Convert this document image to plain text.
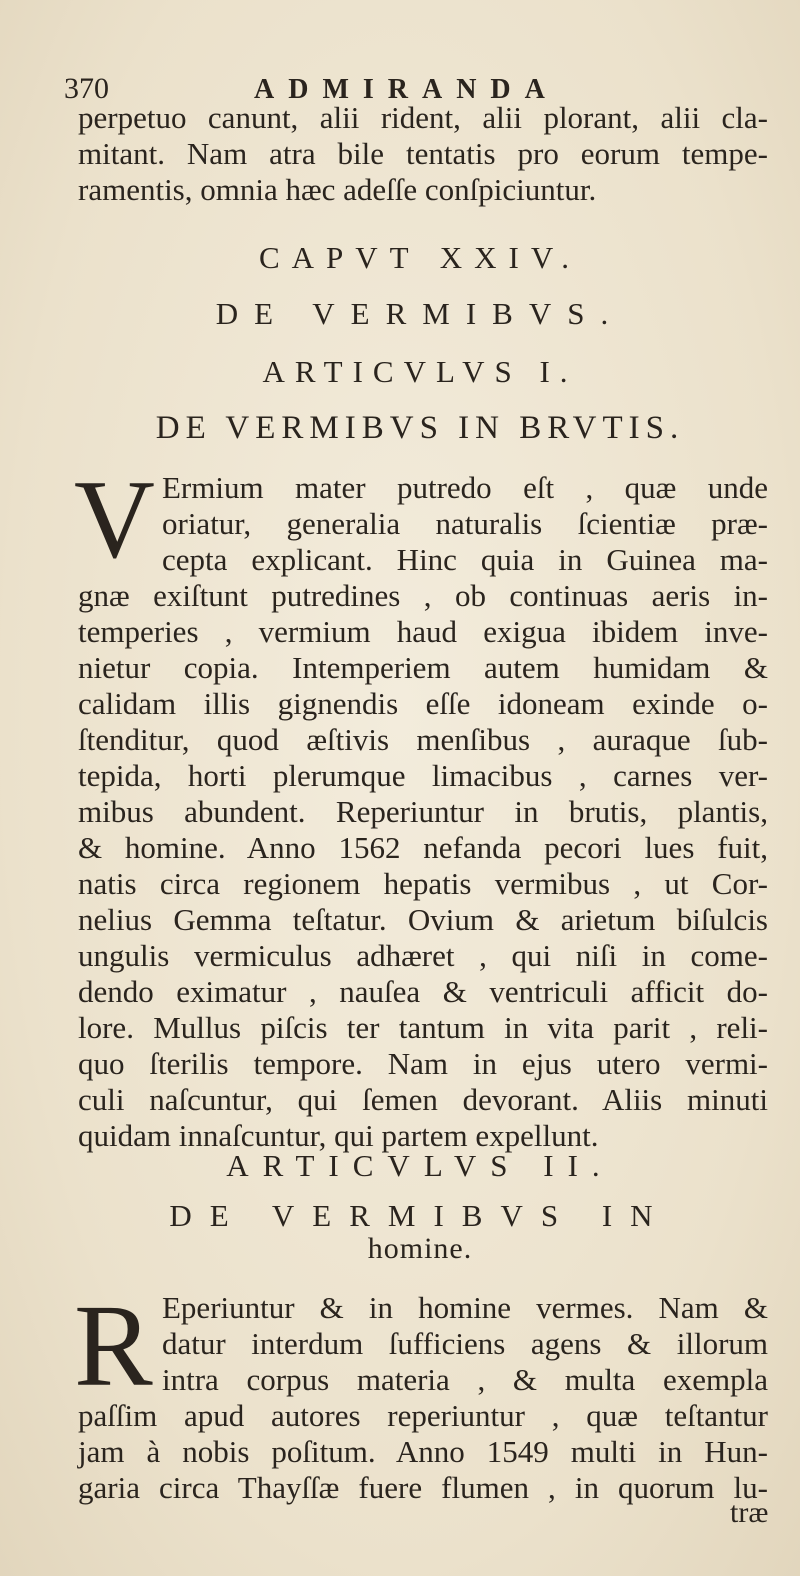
370	ADMIRANDA
perpetuo canunt, alii rident, alii plorant, alii cla-
mitant. Nam atra bile tentatis pro eorum tempe-
ramentis, omnia hæc adeſſe conſpiciuntur.
CAPVT XXIV.
DE VERMIBVS.
ARTICVLVS I.
DE VERMIBVS IN BRVTIS.
V Ermium mater putredo eſt , quæ unde
oriatur, generalia naturalis ſcientiæ præ-
cepta explicant. Hinc quia in Guinea ma-
gnæ exiſtunt putredines , ob continuas aeris in-
temperies , vermium haud exigua ibidem inve-
nietur copia. Intemperiem autem humidam &
calidam illis gignendis eſſe idoneam exinde o-
ſtenditur, quod æſtivis menſibus , auraque ſub-
tepida, horti plerumque limacibus , carnes ver-
mibus abundent. Reperiuntur in brutis, plantis,
& homine. Anno 1562 nefanda pecori lues fuit,
natis circa regionem hepatis vermibus , ut Cor-
nelius Gemma teſtatur. Ovium & arietum biſulcis
ungulis vermiculus adhæret , qui niſi in come-
dendo eximatur , nauſea & ventriculi afficit do-
lore. Mullus piſcis ter tantum in vita parit , reli-
quo ſterilis tempore. Nam in ejus utero vermi-
culi naſcuntur, qui ſemen devorant. Aliis minuti
quidam innaſcuntur, qui partem expellunt.
ARTICVLVS II.
DE VERMIBVS IN
homine.
R Eperiuntur & in homine vermes. Nam &
datur interdum ſufficiens agens & illorum
intra corpus materia , & multa exempla
paſſim apud autores reperiuntur , quæ teſtantur
jam à nobis poſitum. Anno 1549 multi in Hun-
garia circa Thayſſæ fuere flumen , in quorum lu-
træ
